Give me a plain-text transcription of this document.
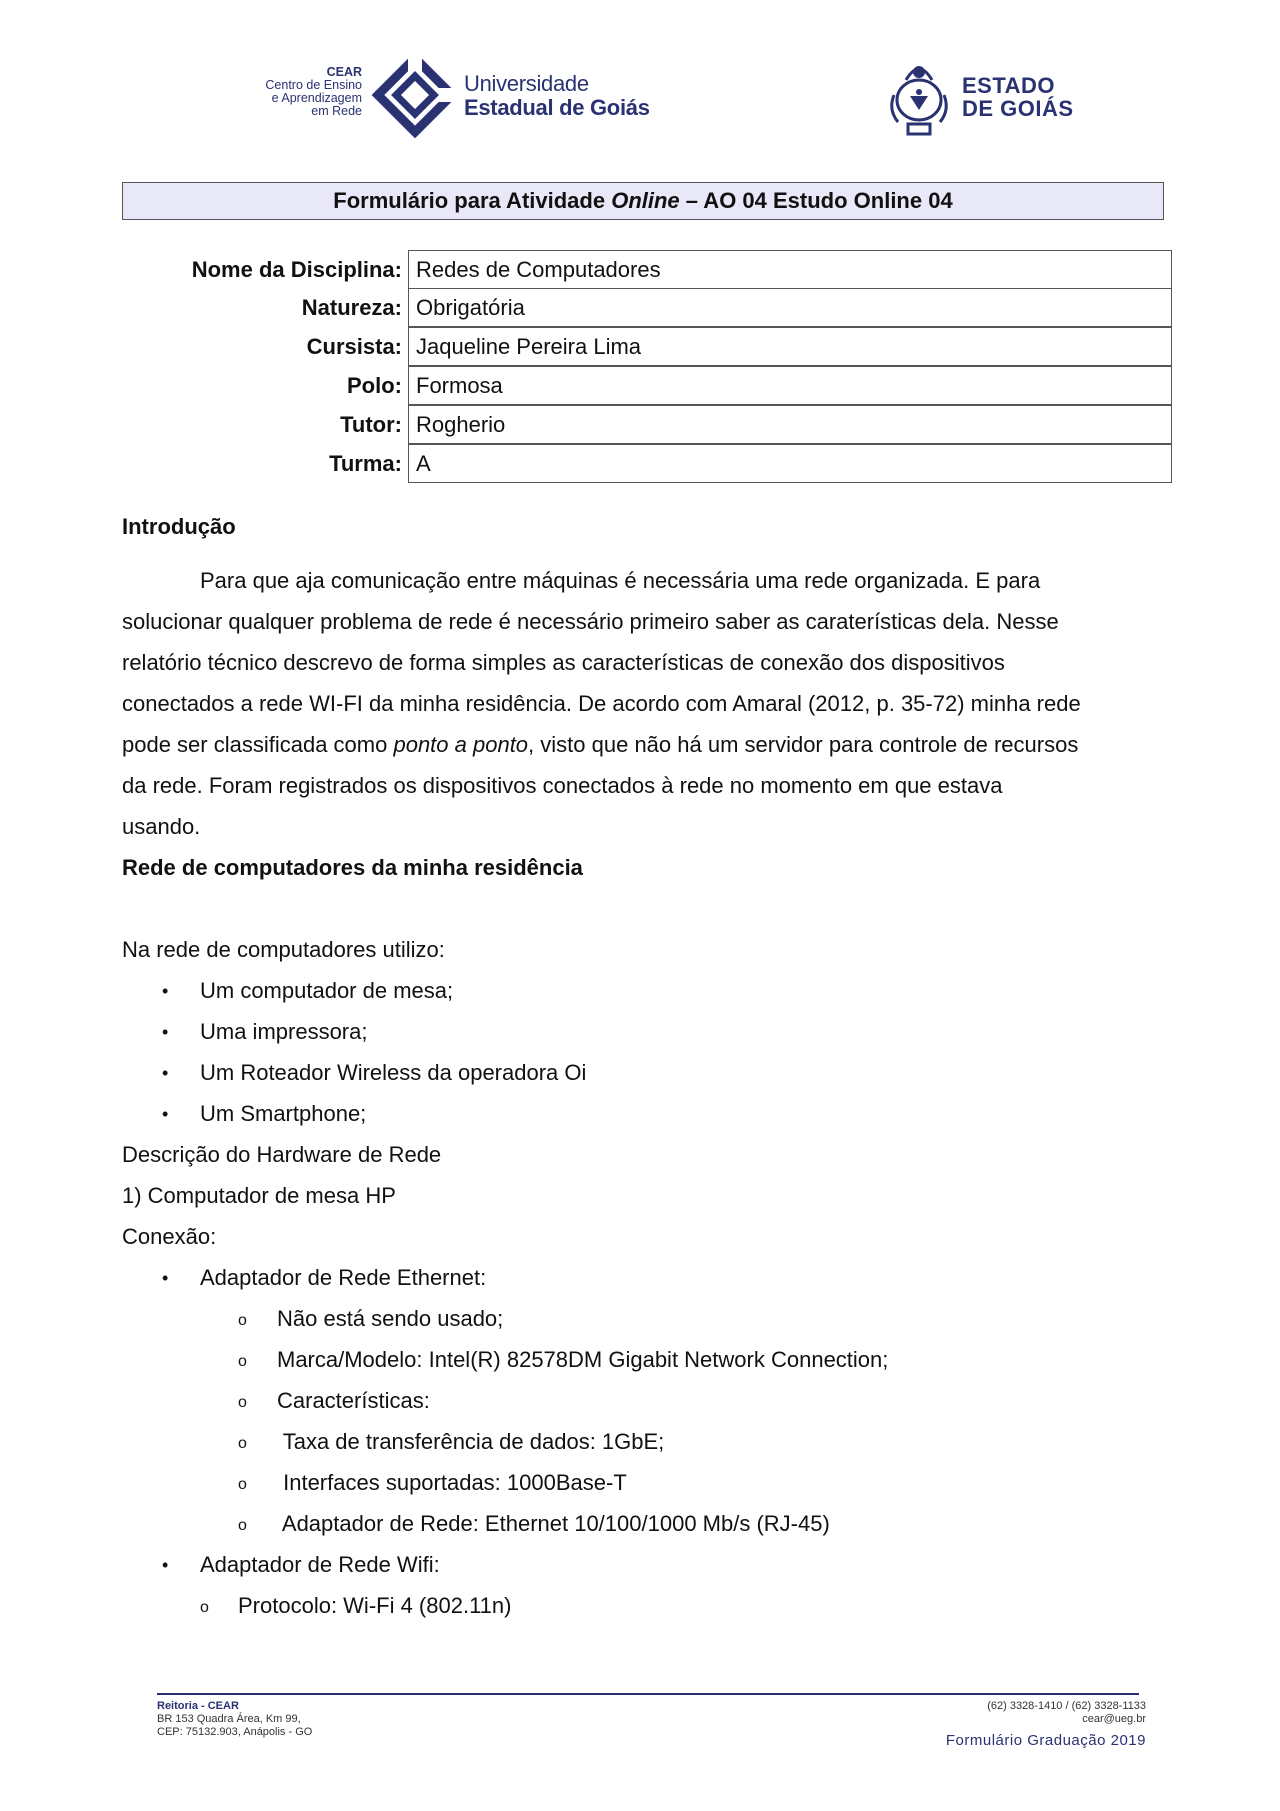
CEAR
Centro de Ensino
e Aprendizagem
em Rede
Universidade
Estadual de Goiás
ESTADO
DE GOIÁS
Formulário para Atividade Online – AO 04 Estudo Online 04
Nome da Disciplina: Redes de Computadores
Natureza: Obrigatória
Cursista: Jaqueline Pereira Lima
Polo: Formosa
Tutor: Rogherio
Turma: A
Introdução
Para que aja comunicação entre máquinas é necessária uma rede organizada. E para
solucionar qualquer problema de rede é necessário primeiro saber as caraterísticas dela. Nesse
relatório técnico descrevo de forma simples as características de conexão dos dispositivos
conectados a rede WI-FI da minha residência. De acordo com Amaral (2012, p. 35-72) minha rede
pode ser classificada como ponto a ponto, visto que não há um servidor para controle de recursos
da rede. Foram registrados os dispositivos conectados à rede no momento em que estava
usando.
Rede de computadores da minha residência
Na rede de computadores utilizo:
• Um computador de mesa;
• Uma impressora;
• Um Roteador Wireless da operadora Oi
• Um Smartphone;
Descrição do Hardware de Rede
1) Computador de mesa HP
Conexão:
• Adaptador de Rede Ethernet:
o Não está sendo usado;
o Marca/Modelo: Intel(R) 82578DM Gigabit Network Connection;
o Características:
o Taxa de transferência de dados: 1GbE;
o Interfaces suportadas: 1000Base-T
o Adaptador de Rede: Ethernet 10/100/1000 Mb/s (RJ-45)
• Adaptador de Rede Wifi:
o Protocolo: Wi-Fi 4 (802.11n)
Reitoria - CEAR
BR 153 Quadra Área, Km 99,
CEP: 75132.903, Anápolis - GO
(62) 3328-1410 / (62) 3328-1133
cear@ueg.br
Formulário Graduação 2019
